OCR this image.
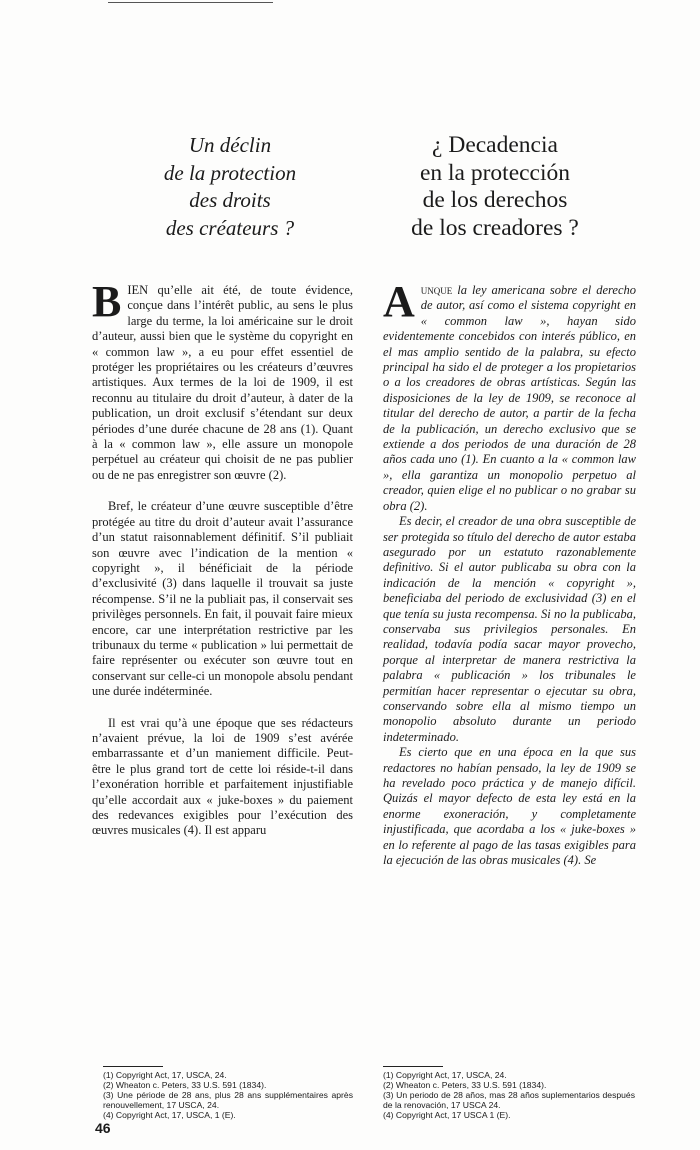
Un déclin
de la protection
des droits
des créateurs ?
¿ Decadencia
en la protección
de los derechos
de los creadores ?

BIEN qu’elle ait été, de toute évidence, conçue dans l’intérêt public, au sens le plus large du terme, la loi américaine sur le droit d’auteur, aussi bien que le système du copyright en « common law », a eu pour effet essentiel de protéger les propriétaires ou les créateurs d’œuvres artistiques. Aux termes de la loi de 1909, il est reconnu au titulaire du droit d’auteur, à dater de la publication, un droit exclusif s’étendant sur deux périodes d’une durée chacune de 28 ans (1). Quant à la « common law », elle assure un monopole perpétuel au créateur qui choisit de ne pas publier ou de ne pas enregistrer son œuvre (2).

Bref, le créateur d’une œuvre susceptible d’être protégée au titre du droit d’auteur avait l’assurance d’un statut raisonnablement définitif. S’il publiait son œuvre avec l’indication de la mention « copyright », il bénéficiait de la période d’exclusivité (3) dans laquelle il trouvait sa juste récompense. S’il ne la publiait pas, il conservait ses privilèges personnels. En fait, il pouvait faire mieux encore, car une interprétation restrictive par les tribunaux du terme « publication » lui permettait de faire représenter ou exécuter son œuvre tout en conservant sur celle-ci un monopole absolu pendant une durée indéterminée.

Il est vrai qu’à une époque que ses rédacteurs n’avaient prévue, la loi de 1909 s’est avérée embarrassante et d’un maniement difficile. Peut-être le plus grand tort de cette loi réside-t-il dans l’exonération horrible et parfaitement injustifiable qu’elle accordait aux « juke-boxes » du paiement des redevances exigibles pour l’exécution des œuvres musicales (4). Il est apparu

Aunque la ley americana sobre el derecho de autor, así como el sistema copyright en « common law », hayan sido evidentemente concebidos con interés público, en el mas amplio sentido de la palabra, su efecto principal ha sido el de proteger a los propietarios o a los creadores de obras artísticas. Según las disposiciones de la ley de 1909, se reconoce al titular del derecho de autor, a partir de la fecha de la publicación, un derecho exclusivo que se extiende a dos periodos de una duración de 28 años cada uno (1). En cuanto a la « common law », ella garantiza un monopolio perpetuo al creador, quien elige el no publicar o no grabar su obra (2).

Es decir, el creador de una obra susceptible de ser protegida so título del derecho de autor estaba asegurado por un estatuto razonablemente definitivo. Si el autor publicaba su obra con la indicación de la mención « copyright », beneficiaba del periodo de exclusividad (3) en el que tenía su justa recompensa. Si no la publicaba, conservaba sus privilegios personales. En realidad, todavía podía sacar mayor provecho, porque al interpretar de manera restrictiva la palabra « publicación » los tribunales le permitían hacer representar o ejecutar su obra, conservando sobre ella al mismo tiempo un monopolio absoluto durante un periodo indeterminado.

Es cierto que en una época en la que sus redactores no habían pensado, la ley de 1909 se ha revelado poco práctica y de manejo difícil. Quizás el mayor defecto de esta ley está en la enorme exoneración, y completamente injustificada, que acordaba a los « juke-boxes » en lo referente al pago de las tasas exigibles para la ejecución de las obras musicales (4). Se

(1) Copyright Act, 17, USCA, 24.
(2) Wheaton c. Peters, 33 U.S. 591 (1834).
(3) Une période de 28 ans, plus 28 ans supplémentaires après renouvellement, 17 USCA, 24.
(4) Copyright Act, 17, USCA, 1 (E).
(1) Copyright Act, 17, USCA, 24.
(2) Wheaton c. Peters, 33 U.S. 591 (1834).
(3) Un periodo de 28 años, mas 28 años suplementarios después de la renovación, 17 USCA 24.
(4) Copyright Act, 17 USCA 1 (E).
46
